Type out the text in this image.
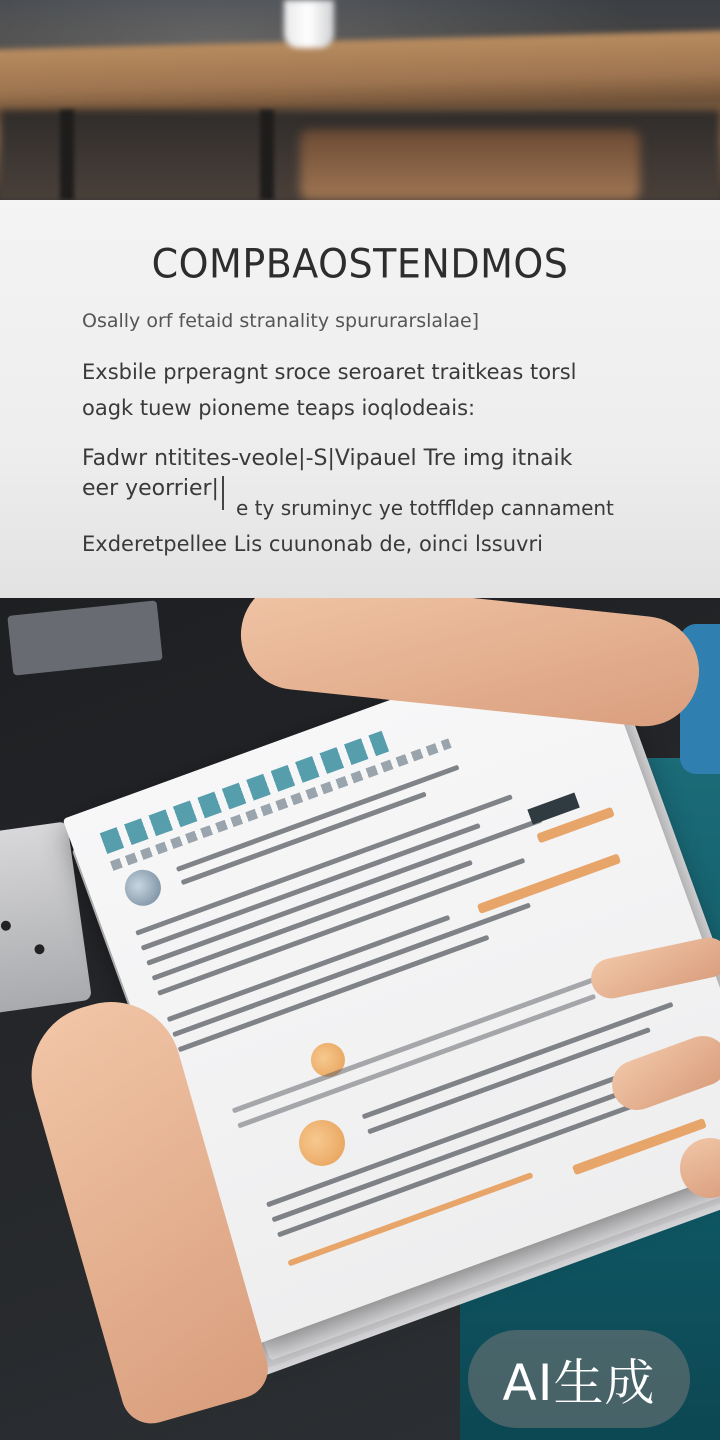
COMPBAOSTENDMOS
Osally orf fetaid stranality spururarslalae]
Exsbile prperagnt sroce seroaret traitkeas torsl
oagk tuew pioneme teaps ioqlodeais:
Fadwr ntitites-veole|-S|Vipauel Tre img itnaik
eer yeorrier|
e ty sruminyc ye totffldep cannament
Exderetpellee Lis cuunonab de, oinci lssuvri
AI生成
